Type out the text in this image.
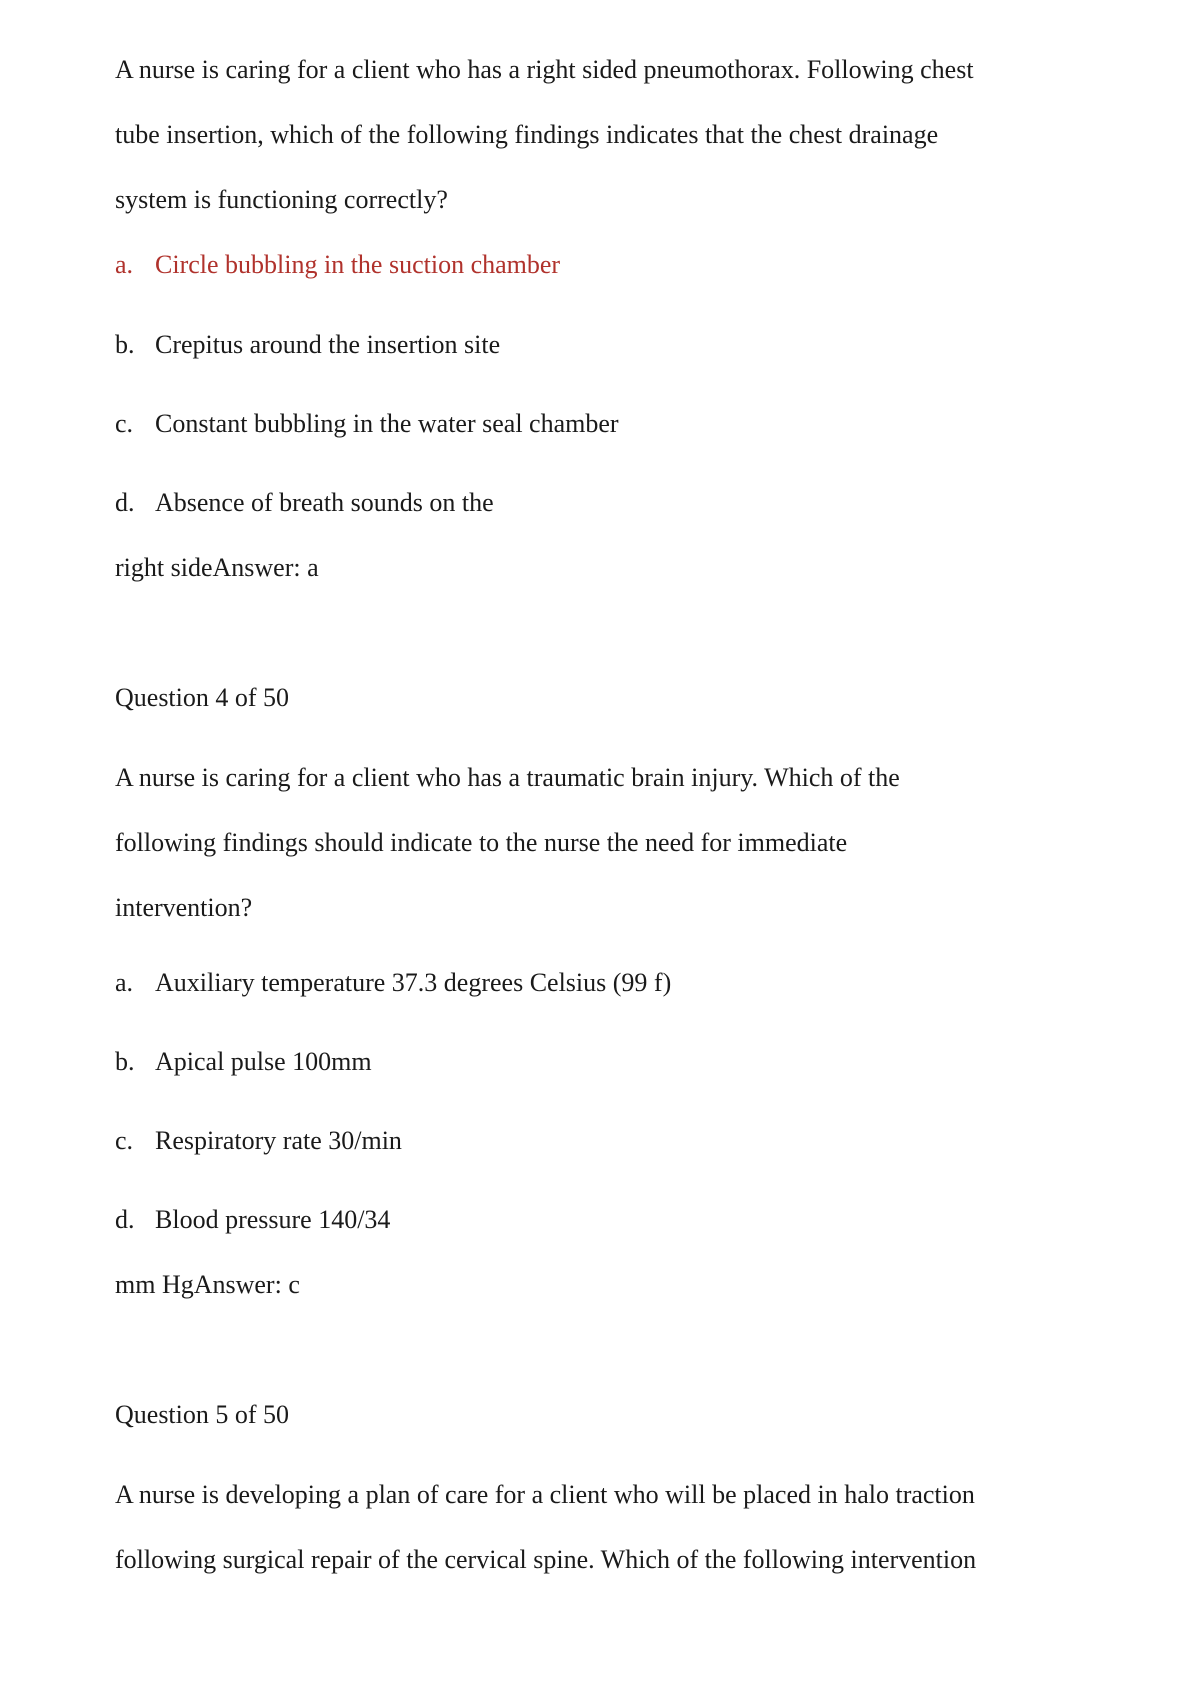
A nurse is caring for a client who has a right sided pneumothorax. Following chest
tube insertion, which of the following findings indicates that the chest drainage
system is functioning correctly?
a. Circle bubbling in the suction chamber
b. Crepitus around the insertion site
c. Constant bubbling in the water seal chamber
d. Absence of breath sounds on the
right sideAnswer: a
Question 4 of 50
A nurse is caring for a client who has a traumatic brain injury. Which of the
following findings should indicate to the nurse the need for immediate
intervention?
a. Auxiliary temperature 37.3 degrees Celsius (99 f)
b. Apical pulse 100mm
c. Respiratory rate 30/min
d. Blood pressure 140/34
mm HgAnswer: c
Question 5 of 50
A nurse is developing a plan of care for a client who will be placed in halo traction
following surgical repair of the cervical spine. Which of the following intervention
